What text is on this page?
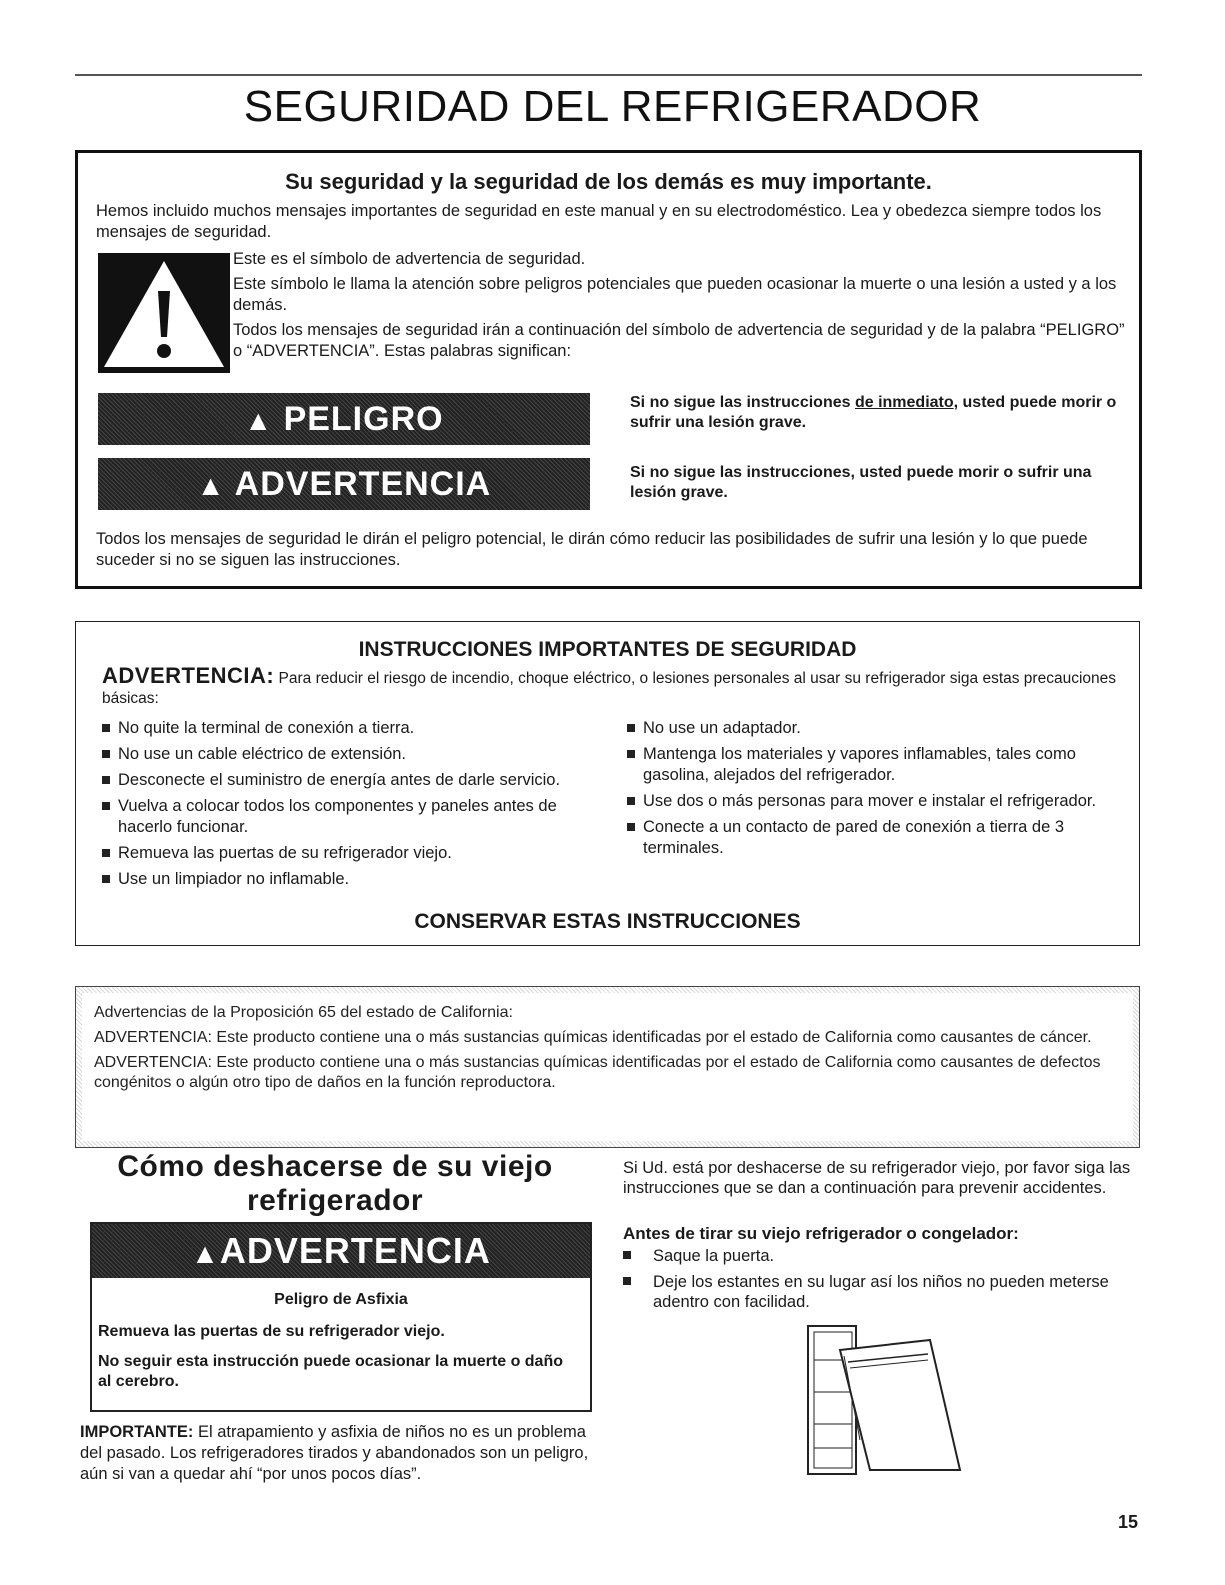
SEGURIDAD DEL REFRIGERADOR
Su seguridad y la seguridad de los demás es muy importante.
Hemos incluido muchos mensajes importantes de seguridad en este manual y en su electrodoméstico. Lea y obedezca siempre todos los mensajes de seguridad.

Este es el símbolo de advertencia de seguridad.

Este símbolo le llama la atención sobre peligros potenciales que pueden ocasionar la muerte o una lesión a usted y a los demás.

Todos los mensajes de seguridad irán a continuación del símbolo de advertencia de seguridad y de la palabra “PELIGRO” o “ADVERTENCIA”. Estas palabras significan:

▲ PELIGRO	Si no sigue las instrucciones de inmediato, usted puede morir o sufrir una lesión grave.
▲ ADVERTENCIA	Si no sigue las instrucciones, usted puede morir o sufrir una lesión grave.
Todos los mensajes de seguridad le dirán el peligro potencial, le dirán cómo reducir las posibilidades de sufrir una lesión y lo que puede suceder si no se siguen las instrucciones.
INSTRUCCIONES IMPORTANTES DE SEGURIDAD
ADVERTENCIA: Para reducir el riesgo de incendio, choque eléctrico, o lesiones personales al usar su refrigerador siga estas precauciones básicas:
No quite la terminal de conexión a tierra.
No use un cable eléctrico de extensión.
Desconecte el suministro de energía antes de darle servicio.
Vuelva a colocar todos los componentes y paneles antes de hacerlo funcionar.
Remueva las puertas de su refrigerador viejo.
Use un limpiador no inflamable.
No use un adaptador.
Mantenga los materiales y vapores inflamables, tales como gasolina, alejados del refrigerador.
Use dos o más personas para mover e instalar el refrigerador.
Conecte a un contacto de pared de conexión a tierra de 3 terminales.
CONSERVAR ESTAS INSTRUCCIONES

Advertencias de la Proposición 65 del estado de California:

ADVERTENCIA: Este producto contiene una o más sustancias químicas identificadas por el estado de California como causantes de cáncer.

ADVERTENCIA: Este producto contiene una o más sustancias químicas identificadas por el estado de California como causantes de defectos congénitos o algún otro tipo de daños en la función reproductora.

Cómo deshacerse de su viejo refrigerador
▲ADVERTENCIA
Peligro de Asfixia
Remueva las puertas de su refrigerador viejo.
No seguir esta instrucción puede ocasionar la muerte o daño al cerebro.
IMPORTANTE: El atrapamiento y asfixia de niños no es un problema del pasado. Los refrigeradores tirados y abandonados son un peligro, aún si van a quedar ahí “por unos pocos días”.
Si Ud. está por deshacerse de su refrigerador viejo, por favor siga las instrucciones que se dan a continuación para prevenir accidentes.
Antes de tirar su viejo refrigerador o congelador:
Saque la puerta.
Deje los estantes en su lugar así los niños no pueden meterse adentro con facilidad.
15
